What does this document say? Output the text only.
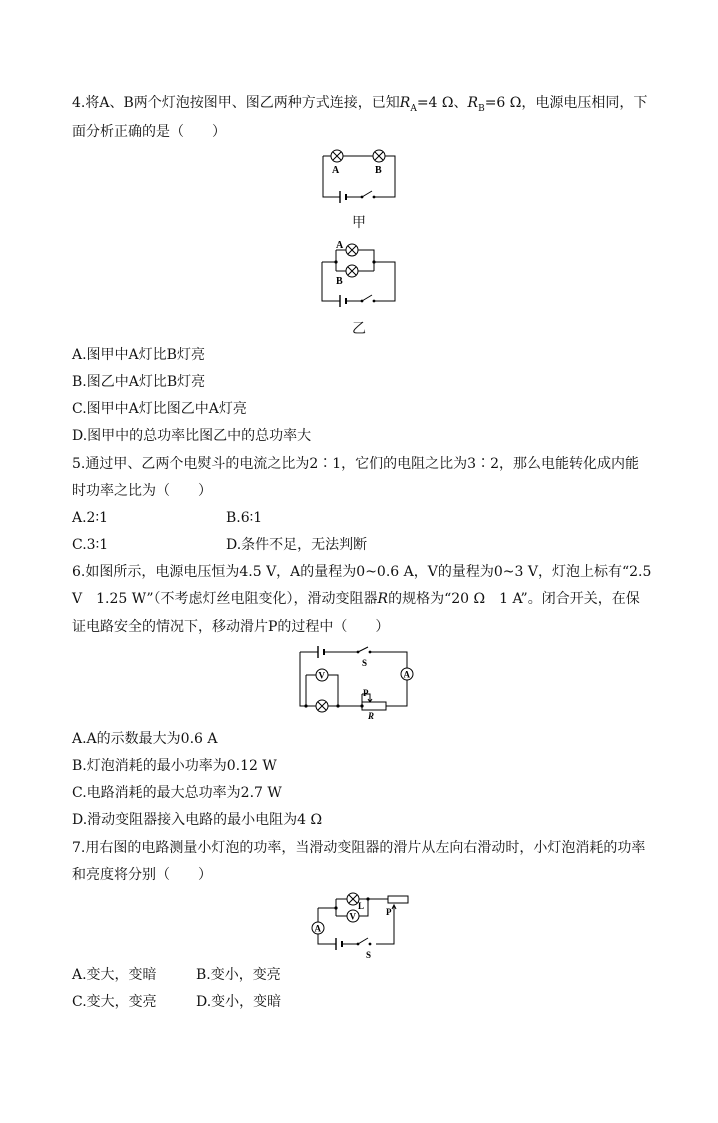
4.将A、B两个灯泡按图甲、图乙两种方式连接，已知$R_A=4$ Ω、$R_B=6$ Ω，电源电压相同，下
面分析正确的是（　　）
A	B
甲
A
B
乙
A.图甲中A灯比B灯亮
B.图乙中A灯比B灯亮
C.图甲中A灯比图乙中A灯亮
D.图甲中的总功率比图乙中的总功率大
5.通过甲、乙两个电熨斗的电流之比为2∶1，它们的电阻之比为3∶2，那么电能转化成内能
时功率之比为（　　）
A.2∶1	B.6∶1
C.3∶1	D.条件不足，无法判断
6.如图所示，电源电压恒为4.5 V，A的量程为0~0.6 A，V的量程为0~3 V，灯泡上标有“2.5
V　1.25 W”（不考虑灯丝电阻变化），滑动变阻器R的规格为“20 Ω　1 A”。闭合开关，在保
证电路安全的情况下，移动滑片P的过程中（　　）
S
A
V
P
R
A.A的示数最大为0.6 A
B.灯泡消耗的最小功率为0.12 W
C.电路消耗的最大总功率为2.7 W
D.滑动变阻器接入电路的最小电阻为4 Ω
7.用右图的电路测量小灯泡的功率，当滑动变阻器的滑片从左向右滑动时，小灯泡消耗的功率
和亮度将分别（　　）
A
V
L
P
S
A.变大，变暗	B.变小，变亮
C.变大，变亮	D.变小，变暗
